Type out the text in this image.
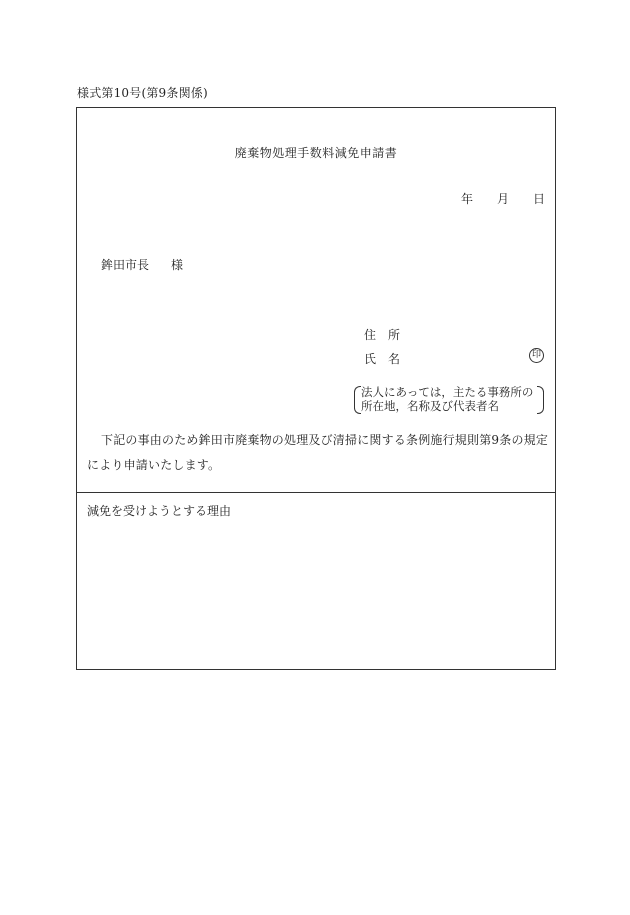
様式第10号(第9条関係)
廃棄物処理手数料減免申請書
年 月 日
鉾田市長 様
住　所
氏　名	印
法人にあっては，主たる事務所の
所在地，名称及び代表者名
下記の事由のため鉾田市廃棄物の処理及び清掃に関する条例施行規則第9条の規定
により申請いたします。
減免を受けようとする理由
